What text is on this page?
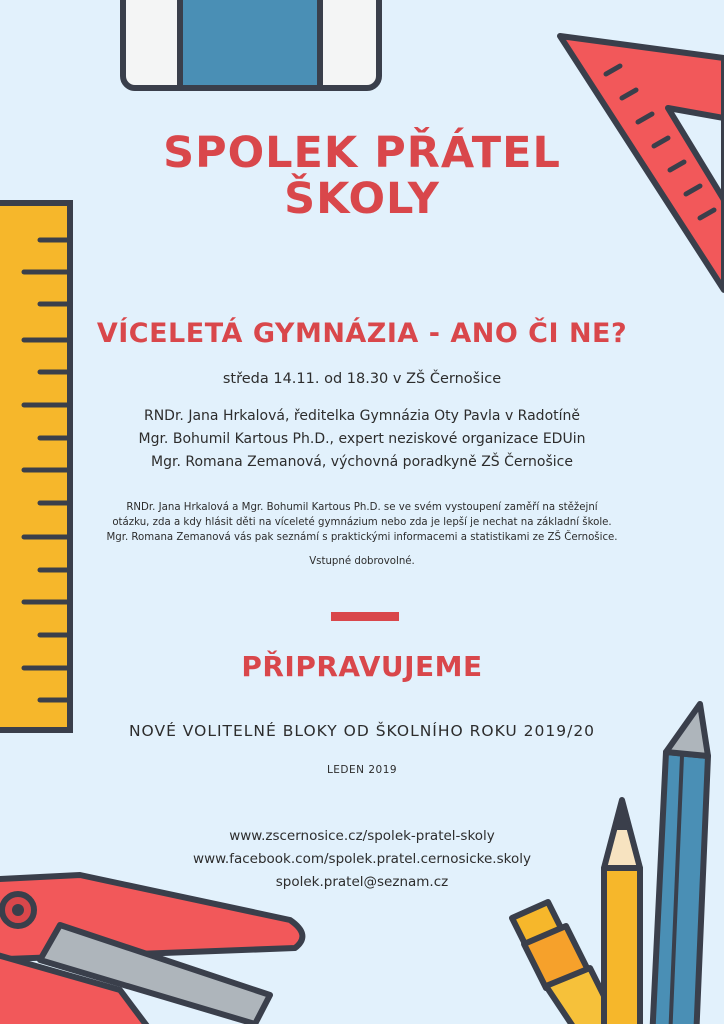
SPOLEK PŘÁTEL
ŠKOLY
VÍCELETÁ GYMNÁZIA - ANO ČI NE?
středa 14.11. od 18.30 v ZŠ Černošice
RNDr. Jana Hrkalová, ředitelka Gymnázia Oty Pavla v Radotíně
Mgr. Bohumil Kartous Ph.D., expert neziskové organizace EDUin
Mgr. Romana Zemanová, výchovná poradkyně ZŠ Černošice
RNDr. Jana Hrkalová a Mgr. Bohumil Kartous Ph.D. se ve svém vystoupení zaměří na stěžejní
otázku, zda a kdy hlásit děti na víceleté gymnázium nebo zda je lepší je nechat na základní škole.
Mgr. Romana Zemanová vás pak seznámí s praktickými informacemi a statistikami ze ZŠ Černošice.
Vstupné dobrovolné.
PŘIPRAVUJEME
NOVÉ VOLITELNÉ BLOKY OD ŠKOLNÍHO ROKU 2019/20
LEDEN 2019
www.zscernosice.cz/spolek-pratel-skoly
www.facebook.com/spolek.pratel.cernosicke.skoly
spolek.pratel@seznam.cz
